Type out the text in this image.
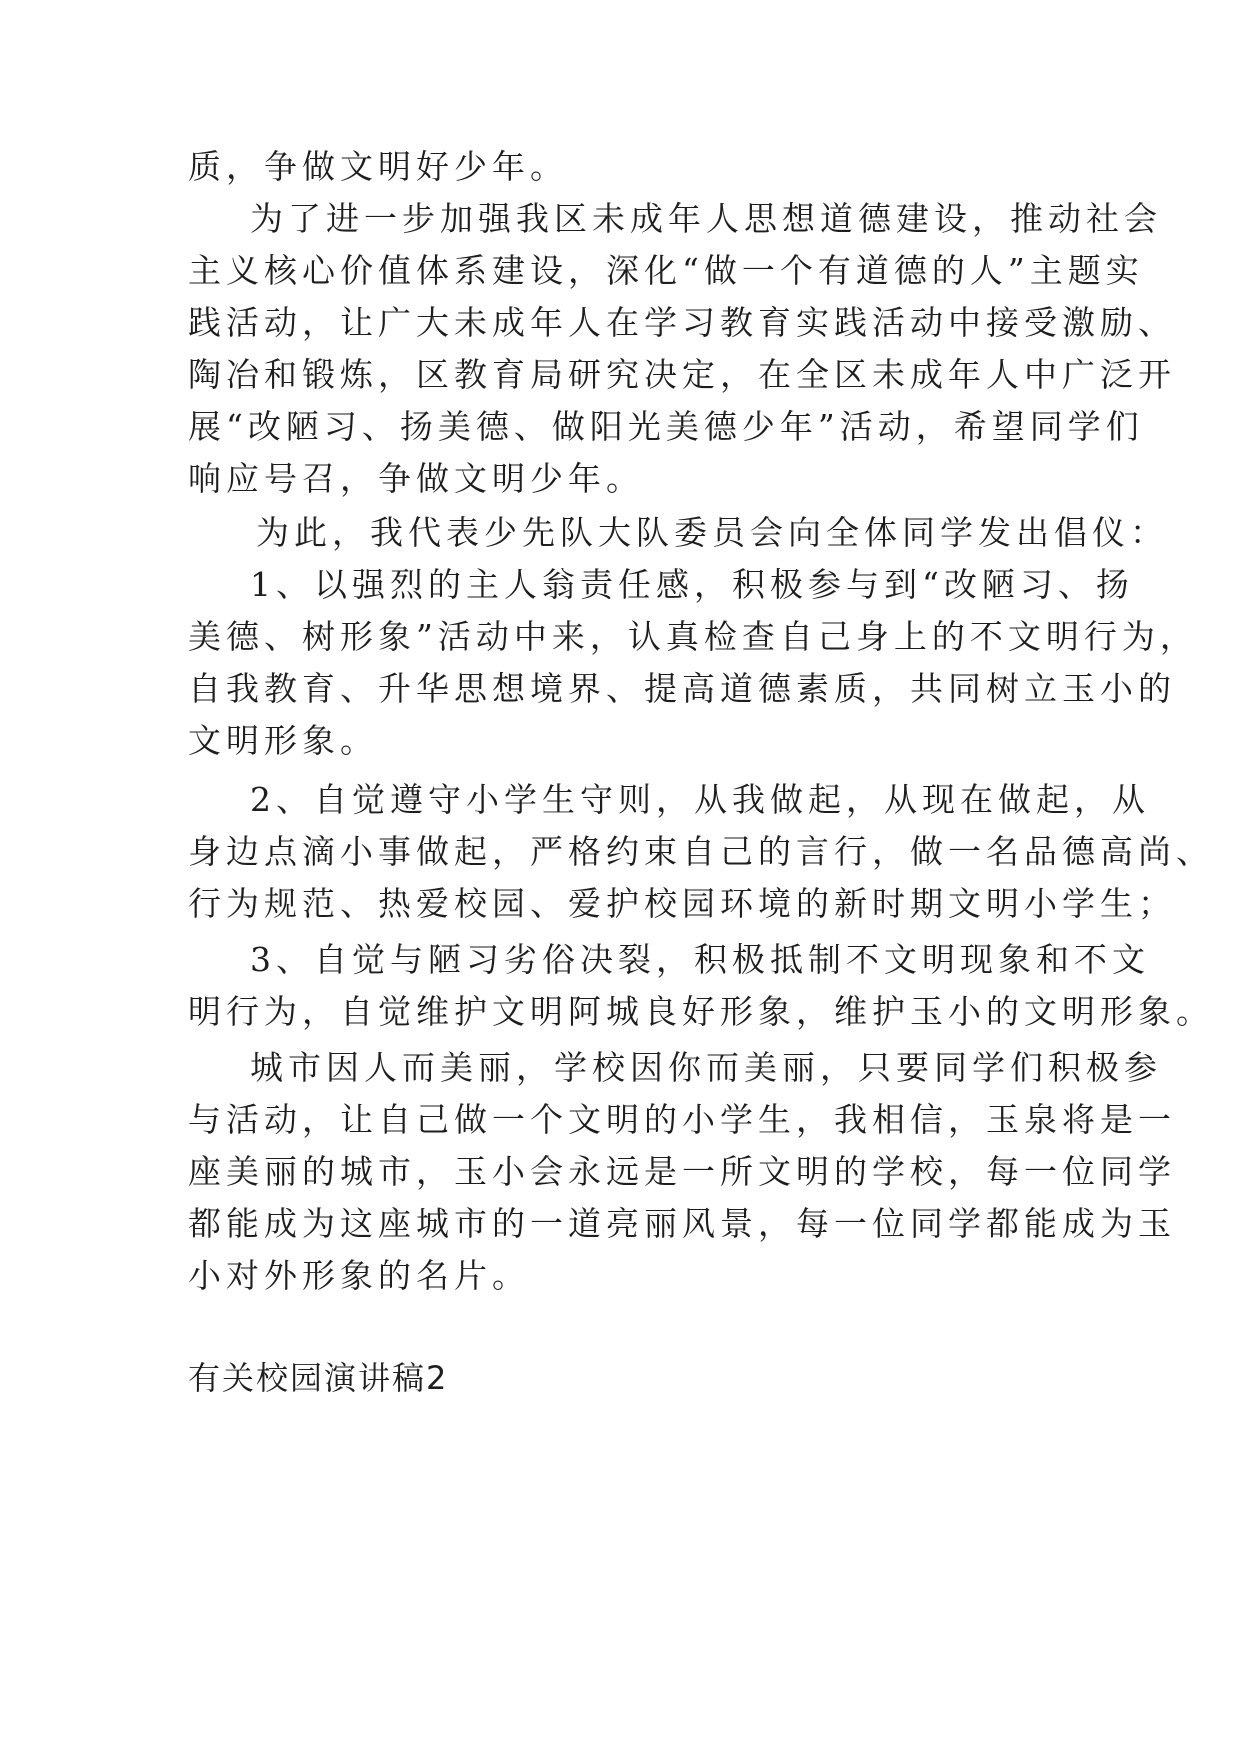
质，争做文明好少年。
为了进一步加强我区未成年人思想道德建设，推动社会
主义核心价值体系建设，深化“做一个有道德的人”主题实
践活动，让广大未成年人在学习教育实践活动中接受激励、
陶冶和锻炼，区教育局研究决定，在全区未成年人中广泛开
展“改陋习、扬美德、做阳光美德少年”活动，希望同学们
响应号召，争做文明少年。
为此，我代表少先队大队委员会向全体同学发出倡仪：
1、以强烈的主人翁责任感，积极参与到“改陋习、扬
美德、树形象”活动中来，认真检查自己身上的不文明行为，
自我教育、升华思想境界、提高道德素质，共同树立玉小的
文明形象。
2、自觉遵守小学生守则，从我做起，从现在做起，从
身边点滴小事做起，严格约束自己的言行，做一名品德高尚、
行为规范、热爱校园、爱护校园环境的新时期文明小学生；
3、自觉与陋习劣俗决裂，积极抵制不文明现象和不文
明行为，自觉维护文明阿城良好形象，维护玉小的文明形象。
城市因人而美丽，学校因你而美丽，只要同学们积极参
与活动，让自己做一个文明的小学生，我相信，玉泉将是一
座美丽的城市，玉小会永远是一所文明的学校，每一位同学
都能成为这座城市的一道亮丽风景，每一位同学都能成为玉
小对外形象的名片。
有关校园演讲稿2
